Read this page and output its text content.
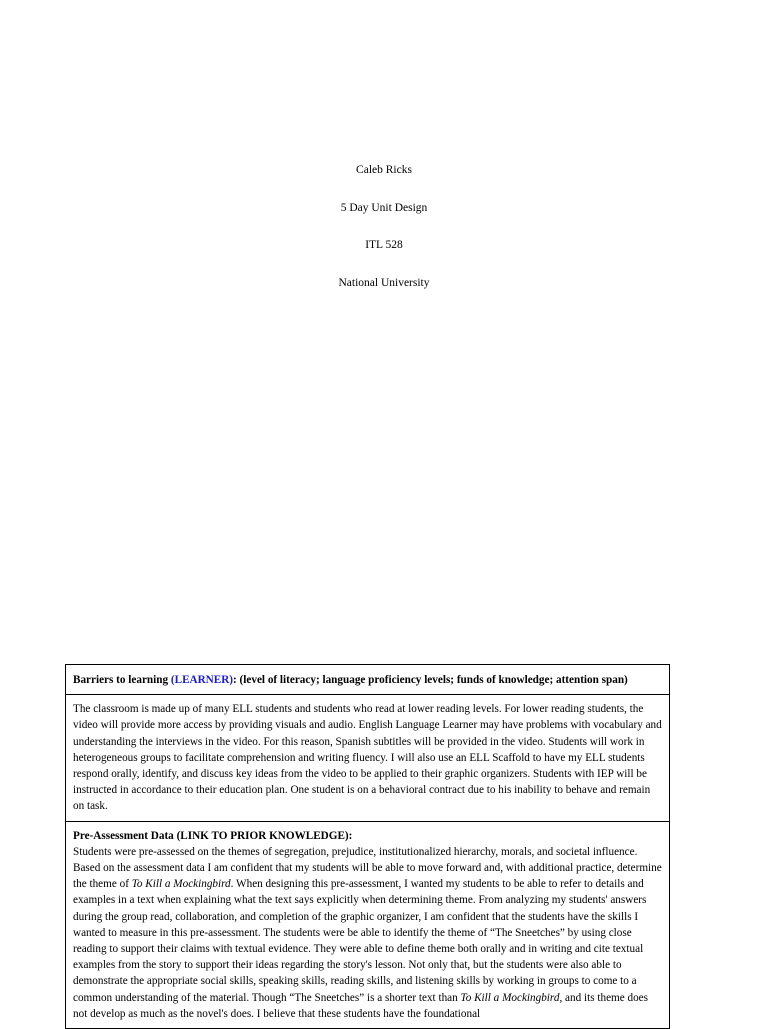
Caleb Ricks
5 Day Unit Design
ITL 528
National University
Barriers to learning (LEARNER): (level of literacy; language proficiency levels; funds of knowledge; attention span)

The classroom is made up of many ELL students and students who read at lower reading levels. For lower reading students, the video will provide more access by providing visuals and audio. English Language Learner may have problems with vocabulary and understanding the interviews in the video. For this reason, Spanish subtitles will be provided in the video. Students will work in heterogeneous groups to facilitate comprehension and writing fluency. I will also use an ELL Scaffold to have my ELL students respond orally, identify, and discuss key ideas from the video to be applied to their graphic organizers. Students with IEP will be instructed in accordance to their education plan. One student is on a behavioral contract due to his inability to behave and remain on task.

Pre-Assessment Data (LINK TO PRIOR KNOWLEDGE):

Students were pre-assessed on the themes of segregation, prejudice, institutionalized hierarchy, morals, and societal influence. Based on the assessment data I am confident that my students will be able to move forward and, with additional practice, determine the theme of To Kill a Mockingbird. When designing this pre-assessment, I wanted my students to be able to refer to details and examples in a text when explaining what the text says explicitly when determining theme. From analyzing my students' answers during the group read, collaboration, and completion of the graphic organizer, I am confident that the students have the skills I wanted to measure in this pre-assessment. The students were be able to identify the theme of “The Sneetches” by using close reading to support their claims with textual evidence. They were able to define theme both orally and in writing and cite textual examples from the story to support their ideas regarding the story's lesson. Not only that, but the students were also able to demonstrate the appropriate social skills, speaking skills, reading skills, and listening skills by working in groups to come to a common understanding of the material. Though “The Sneetches” is a shorter text than To Kill a Mockingbird, and its theme does not develop as much as the novel's does. I believe that these students have the foundational
